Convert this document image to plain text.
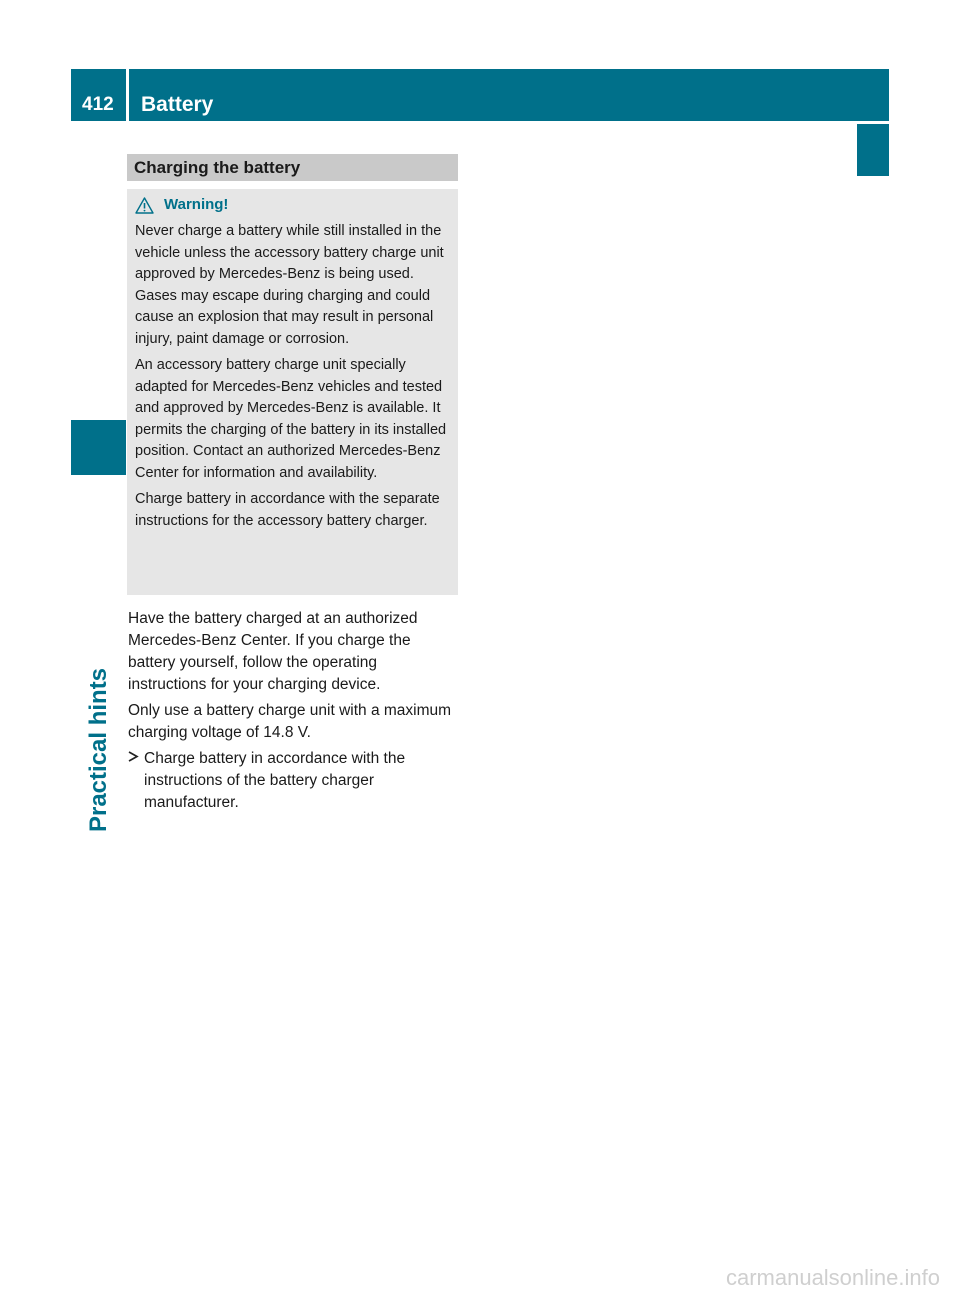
412	Battery
Practical hints
Charging the battery
Warning!

Never charge a battery while still installed in the vehicle unless the accessory battery charge unit approved by Mercedes-Benz is being used. Gases may escape during charging and could cause an explosion that may result in personal injury, paint damage or corrosion.

An accessory battery charge unit specially adapted for Mercedes-Benz vehicles and tested and approved by Mercedes-Benz is available. It permits the charging of the battery in its installed position. Contact an authorized Mercedes-Benz Center for information and availability.

Charge battery in accordance with the separate instructions for the accessory battery charger.

Have the battery charged at an authorized Mercedes-Benz Center. If you charge the battery yourself, follow the operating instructions for your charging device.

Only use a battery charge unit with a maximum charging voltage of 14.8 V.

Charge battery in accordance with the instructions of the battery charger manufacturer.
carmanualsonline.info
